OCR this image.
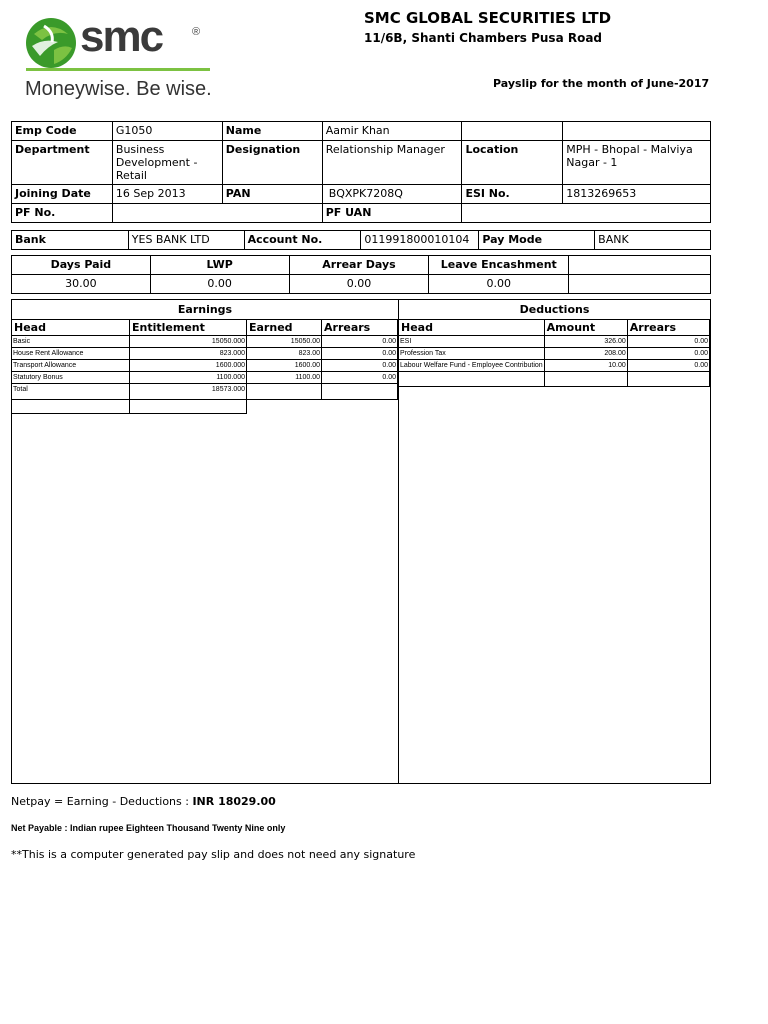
smc	®
Moneywise. Be wise.
SMC GLOBAL SECURITIES LTD
11/6B, Shanti Chambers Pusa Road
Payslip for the month of June-2017
Emp Code	G1050	Name	Aamir Khan		
Department	Business Development - Retail	Designation	Relationship Manager	Location	MPH - Bhopal - Malviya Nagar - 1
Joining Date	16 Sep 2013	PAN	BQXPK7208Q	ESI No.	1813269653
PF No.			PF UAN		
Bank	YES BANK LTD	Account No.	011991800010104	Pay Mode	BANK
Days Paid	LWP	Arrear Days	Leave Encashment	
30.00	0.00	0.00	0.00	
Earnings	Deductions
Head	Entitlement	Earned	Arrears
Basic	15050.000	15050.00	0.00
House Rent Allowance	823.000	823.00	0.00
Transport Allowance	1600.000	1600.00	0.00
Statutory Bonus	1100.000	1100.00	0.00
Total	18573.000		

Head	Amount	Arrears
ESI	326.00	0.00
Profession Tax	208.00	0.00
Labour Welfare Fund - Employee Contribution	10.00	0.00

Netpay = Earning - Deductions : INR 18029.00
Net Payable : Indian rupee Eighteen Thousand Twenty Nine only
**This is a computer generated pay slip and does not need any signature
